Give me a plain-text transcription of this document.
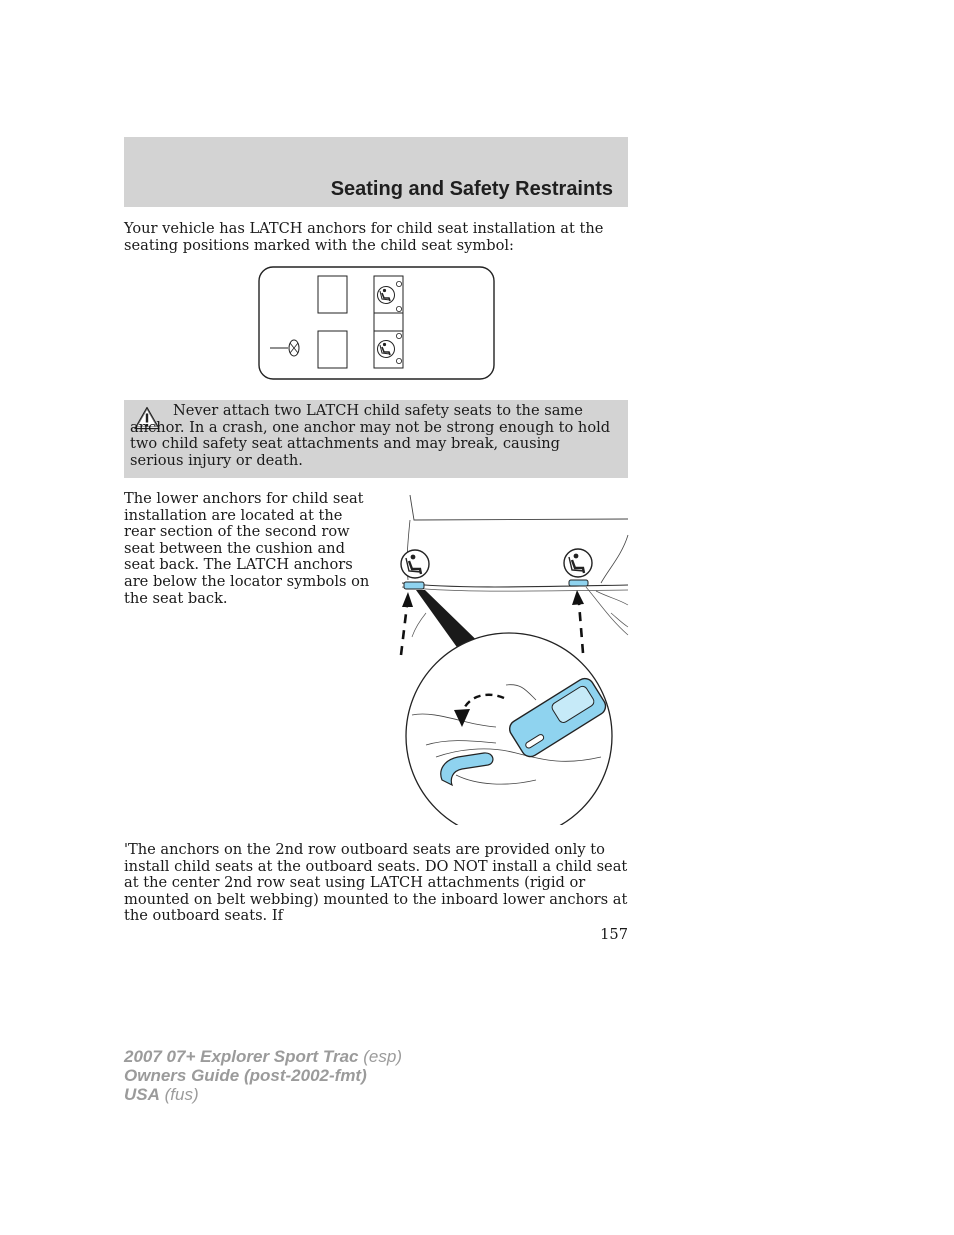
Seating and Safety Restraints

Your vehicle has LATCH anchors for child seat installation at the seating positions marked with the child seat symbol:

Never attach two LATCH child safety seats to the same anchor. In a crash, one anchor may not be strong enough to hold two child safety seat attachments and may break, causing serious injury or death.

The lower anchors for child seat installation are located at the rear section of the second row seat between the cushion and seat back. The LATCH anchors are below the locator symbols on the seat back.

'The anchors on the 2nd row outboard seats are provided only to install child seats at the outboard seats. DO NOT install a child seat at the center 2nd row seat using LATCH attachments (rigid or mounted on belt webbing) mounted to the inboard lower anchors at the outboard seats. If

157
2007 07+ Explorer Sport Trac (esp)
Owners Guide (post-2002-fmt)
USA (fus)
